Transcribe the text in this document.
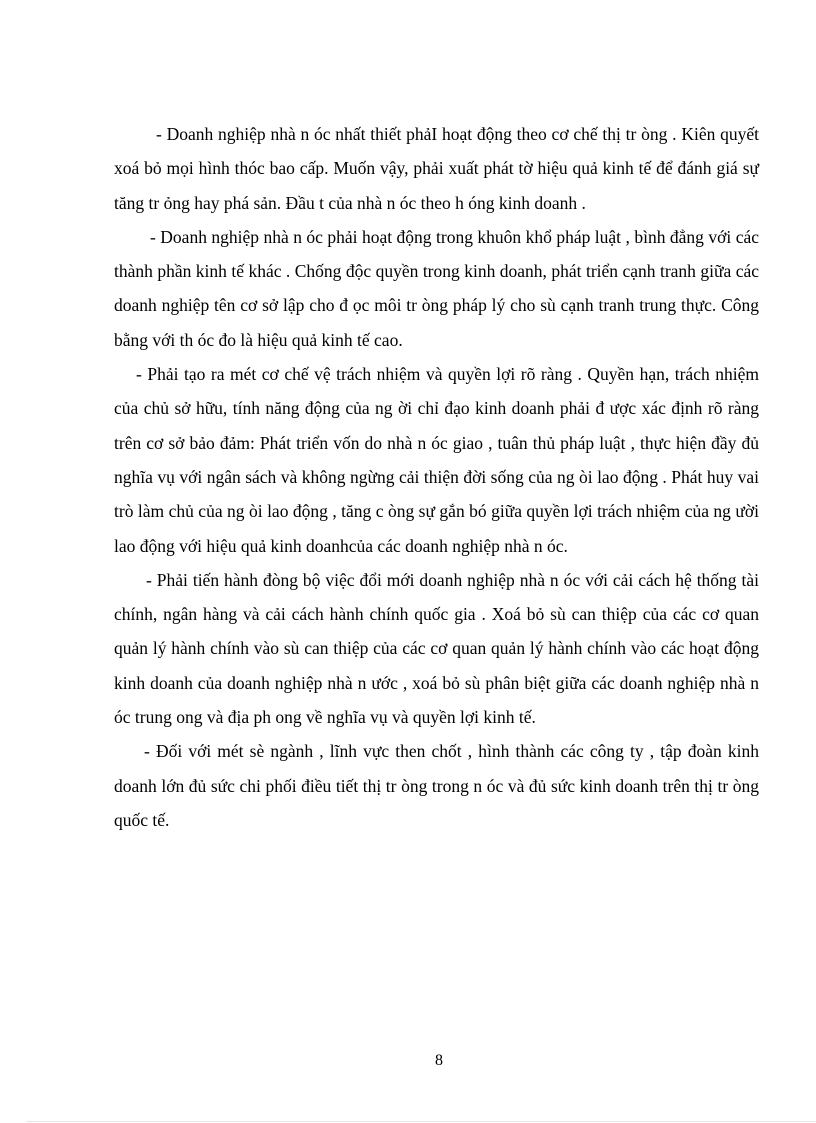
- Doanh nghiệp nhà n óc nhất thiết phảI hoạt động theo cơ chế thị tr òng . Kiên quyết xoá bỏ mọi hình thóc bao cấp. Muốn vậy, phải xuất phát tờ hiệu quả kinh tế để đánh giá sự tăng tr ỏng hay phá sản. Đầu t của nhà n óc theo h óng kinh doanh .

- Doanh nghiệp nhà n óc phải hoạt động trong khuôn khổ pháp luật , bình đẳng với các thành phần kinh tế khác . Chống độc quyền trong kinh doanh, phát triển cạnh tranh giữa các doanh nghiệp tên cơ sở lập cho đ ọc môi tr òng pháp lý cho sù cạnh tranh trung thực. Công bằng với th óc đo là hiệu quả kinh tế cao.

- Phải tạo ra mét cơ chế vệ trách nhiệm và quyền lợi rõ ràng . Quyền hạn, trách nhiệm của chủ sở hữu, tính năng động của ng ời chỉ đạo kinh doanh phải đ ược xác định rõ ràng trên cơ sở bảo đảm: Phát triển vốn do nhà n óc giao , tuân thủ pháp luật , thực hiện đầy đủ nghĩa vụ với ngân sách và không ngừng cải thiện đời sống của ng òi lao động . Phát huy vai trò làm chủ của ng òi lao động , tăng c òng sự gắn bó giữa quyền lợi trách nhiệm của ng ười lao động với hiệu quả kinh doanhcủa các doanh nghiệp nhà n óc.

- Phải tiến hành đòng bộ việc đổi mới doanh nghiệp nhà n óc với cải cách hệ thống tài chính, ngân hàng và cải cách hành chính quốc gia . Xoá bỏ sù can thiệp của các cơ quan quản lý hành chính vào sù can thiệp của các cơ quan quản lý hành chính vào các hoạt động kinh doanh của doanh nghiệp nhà n ước , xoá bỏ sù phân biệt giữa các doanh nghiệp nhà n óc trung ong và địa ph ong về nghĩa vụ và quyền lợi kinh tế.

- Đối với mét sè ngành , lĩnh vực then chốt , hình thành các công ty , tập đoàn kinh doanh lớn đủ sức chi phối điều tiết thị tr òng trong n óc và đủ sức kinh doanh trên thị tr òng quốc tế.

8
